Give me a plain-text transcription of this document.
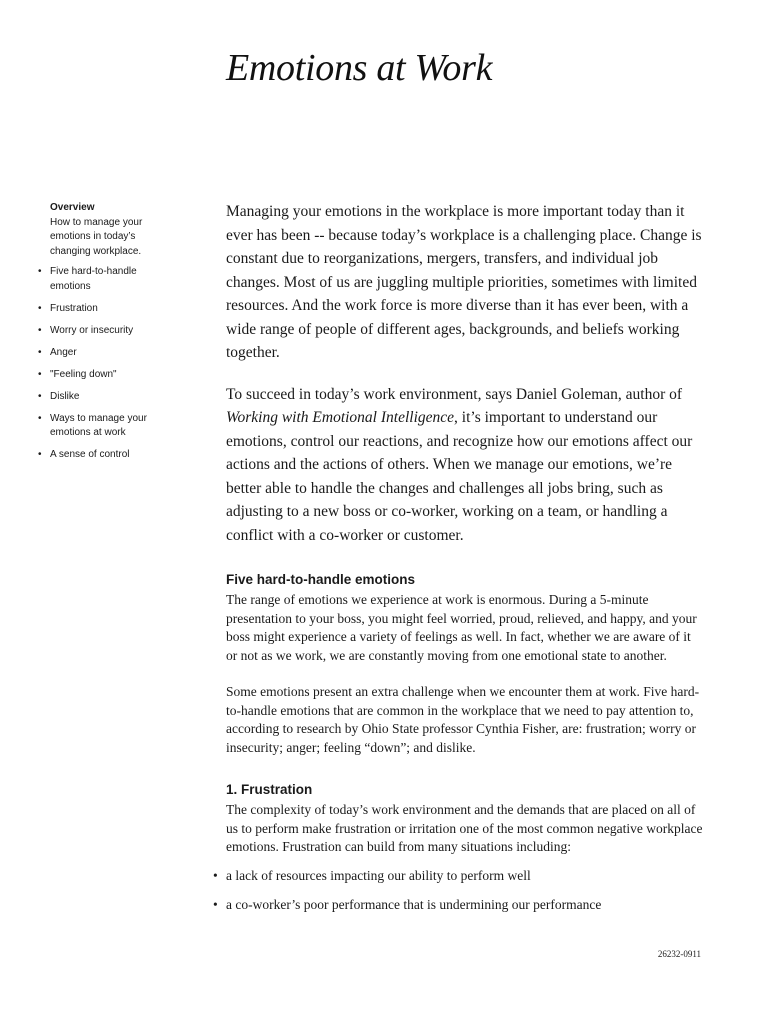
Emotions at Work
Overview
How to manage your emotions in today’s changing workplace.
• Five hard-to-handle emotions
• Frustration
• Worry or insecurity
• Anger
• "Feeling down"
• Dislike
• Ways to manage your emotions at work
• A sense of control

Managing your emotions in the workplace is more important today than it ever has been -- because today’s workplace is a challenging place. Change is constant due to reorganizations, mergers, transfers, and individual job changes. Most of us are juggling multiple priorities, sometimes with limited resources. And the work force is more diverse than it has ever been, with a wide range of people of different ages, backgrounds, and beliefs working together.

To succeed in today’s work environment, says Daniel Goleman, author of Working with Emotional Intelligence, it’s important to understand our emotions, control our reactions, and recognize how our emotions affect our actions and the actions of others. When we manage our emotions, we’re better able to handle the changes and challenges all jobs bring, such as adjusting to a new boss or co-worker, working on a team, or handling a conflict with a co-worker or customer.

Five hard-to-handle emotions

The range of emotions we experience at work is enormous. During a 5-minute presentation to your boss, you might feel worried, proud, relieved, and happy, and your boss might experience a variety of feelings as well. In fact, whether we are aware of it or not as we work, we are constantly moving from one emotional state to another.

Some emotions present an extra challenge when we encounter them at work. Five hard-to-handle emotions that are common in the workplace that we need to pay attention to, according to research by Ohio State professor Cynthia Fisher, are: frustration; worry or insecurity; anger; feeling “down”; and dislike.

1. Frustration

The complexity of today’s work environment and the demands that are placed on all of us to perform make frustration or irritation one of the most common negative workplace emotions. Frustration can build from many situations including:

• a lack of resources impacting our ability to perform well
• a co-worker’s poor performance that is undermining our performance
26232-0911
